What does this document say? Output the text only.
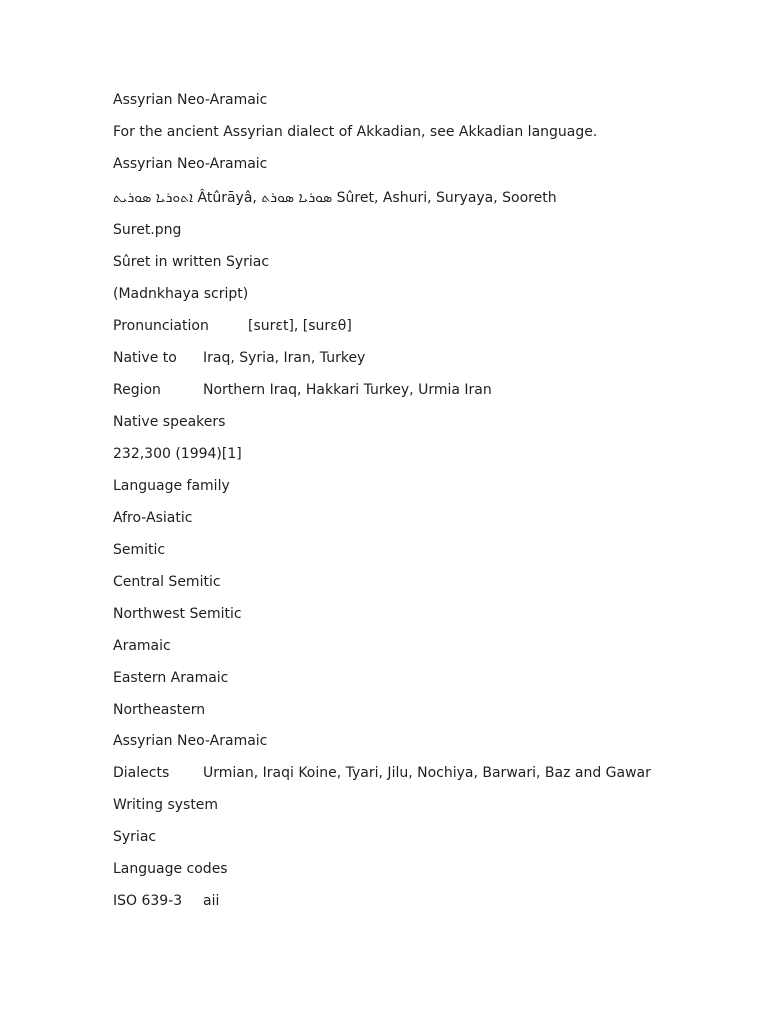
Assyrian Neo-Aramaic
For the ancient Assyrian dialect of Akkadian, see Akkadian language.
Assyrian Neo-Aramaic
ܐܬܘܪܝܐ ܣܘܪܝܬ Âtûrāyâ, ܣܘܪܝܐ ܣܘܪܬ Sûret, Ashuri, Suryaya, Sooreth
Suret.png
Sûret in written Syriac
(Madnkhaya script)
Pronunciation	[surɛt], [surɛθ]
Native to Iraq, Syria, Iran, Turkey
Region	Northern Iraq, Hakkari Turkey, Urmia Iran
Native speakers
232,300 (1994)[1]
Language family
Afro-Asiatic
Semitic
Central Semitic
Northwest Semitic
Aramaic
Eastern Aramaic
Northeastern
Assyrian Neo-Aramaic
Dialects Urmian, Iraqi Koine, Tyari, Jilu, Nochiya, Barwari, Baz and Gawar
Writing system
Syriac
Language codes
ISO 639-3 aii
